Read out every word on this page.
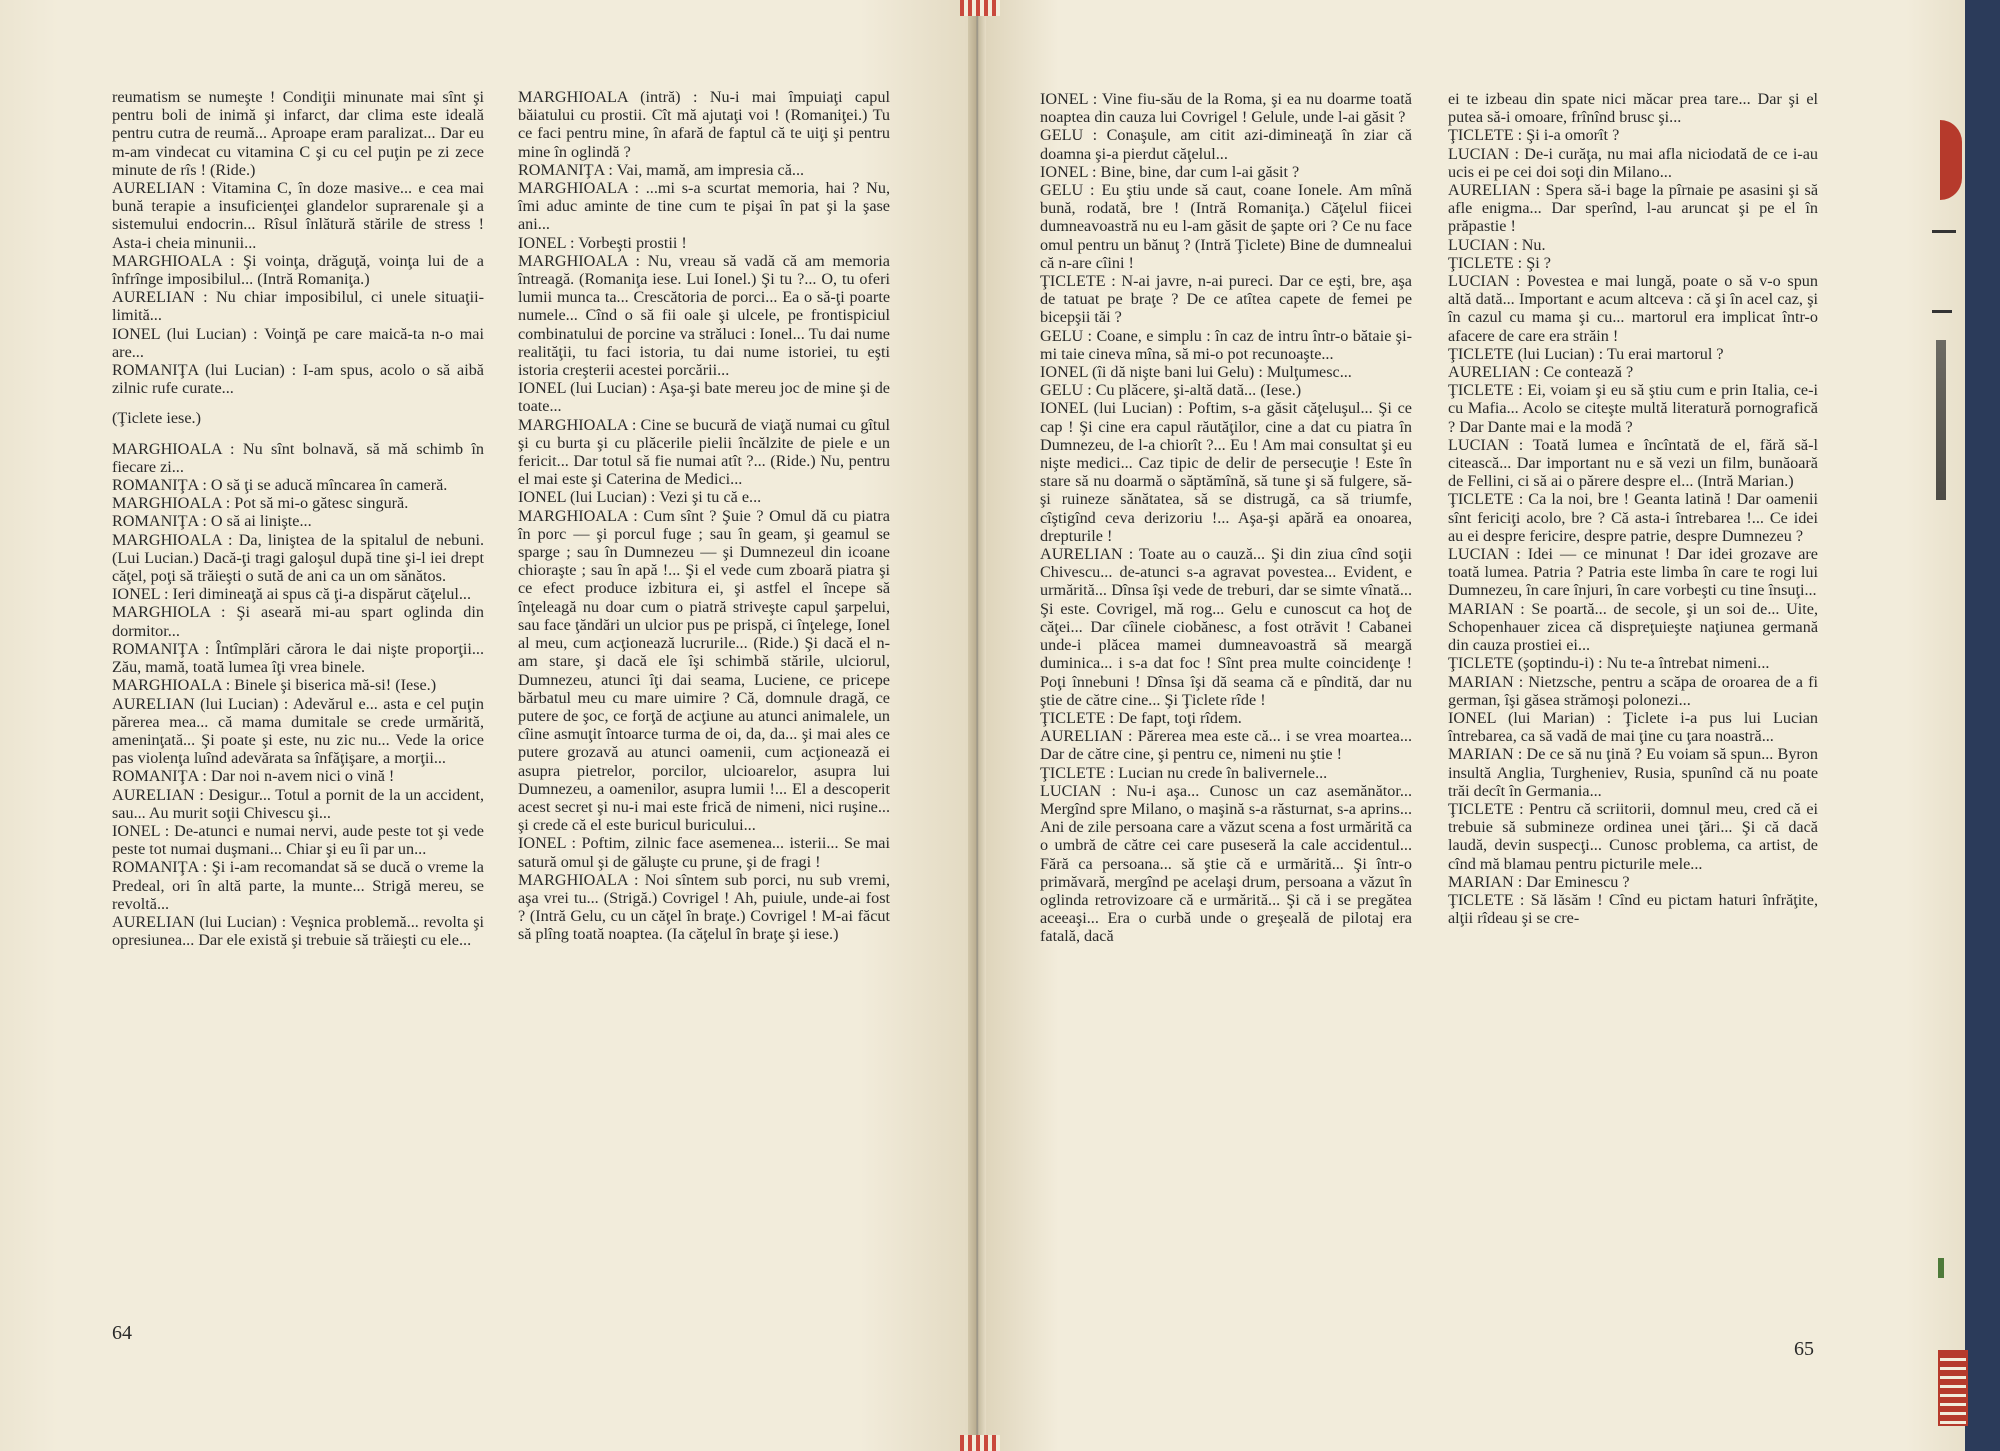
reumatism se numeşte ! Condiţii minunate mai sînt şi pentru boli de inimă şi infarct, dar clima este ideală pentru cutra de reumă... Aproape eram paralizat... Dar eu m-am vindecat cu vitamina C şi cu cel puţin pe zi zece minute de rîs ! (Ride.)

AURELIAN : Vitamina C, în doze masive... e cea mai bună terapie a insuficienţei glandelor suprarenale şi a sistemului endocrin... Rîsul înlătură stările de stress ! Asta-i cheia minunii...

MARGHIOALA : Şi voinţa, drăguţă, voinţa lui de a înfrînge imposibilul... (Intră Romaniţa.)

AURELIAN : Nu chiar imposibilul, ci unele situaţii-limită...

IONEL (lui Lucian) : Voinţă pe care maică-ta n-o mai are...

ROMANIŢA (lui Lucian) : I-am spus, acolo o să aibă zilnic rufe curate...

(Ţiclete iese.)

MARGHIOALA : Nu sînt bolnavă, să mă schimb în fiecare zi...

ROMANIŢA : O să ţi se aducă mîncarea în cameră.

MARGHIOALA : Pot să mi-o gătesc singură.

ROMANIŢA : O să ai linişte...

MARGHIOALA : Da, liniştea de la spitalul de nebuni. (Lui Lucian.) Dacă-ţi tragi galoşul după tine şi-l iei drept căţel, poţi să trăieşti o sută de ani ca un om sănătos.

IONEL : Ieri dimineaţă ai spus că ţi-a dispărut căţelul...

MARGHIOLA : Şi aseară mi-au spart oglinda din dormitor...

ROMANIŢA : Întîmplări cărora le dai nişte proporţii... Zău, mamă, toată lumea îţi vrea binele.

MARGHIOALA : Binele şi biserica mă-si! (Iese.)

AURELIAN (lui Lucian) : Adevărul e... asta e cel puţin părerea mea... că mama dumitale se crede urmărită, ameninţată... Şi poate şi este, nu zic nu... Vede la orice pas violenţa luînd adevărata sa înfăţişare, a morţii...

ROMANIŢA : Dar noi n-avem nici o vină !

AURELIAN : Desigur... Totul a pornit de la un accident, sau... Au murit soţii Chivescu şi...

IONEL : De-atunci e numai nervi, aude peste tot şi vede peste tot numai duşmani... Chiar şi eu îi par un...

ROMANIŢA : Şi i-am recomandat să se ducă o vreme la Predeal, ori în altă parte, la munte... Strigă mereu, se revoltă...

AURELIAN (lui Lucian) : Veşnica problemă... revolta şi opresiunea... Dar ele există şi trebuie să trăieşti cu ele...

MARGHIOALA (intră) : Nu-i mai împuiaţi capul băiatului cu prostii. Cît mă ajutaţi voi ! (Romaniţei.) Tu ce faci pentru mine, în afară de faptul că te uiţi şi pentru mine în oglindă ?

ROMANIŢA : Vai, mamă, am impresia că...

MARGHIOALA : ...mi s-a scurtat memoria, hai ? Nu, îmi aduc aminte de tine cum te pişai în pat şi la şase ani...

IONEL : Vorbeşti prostii !

MARGHIOALA : Nu, vreau să vadă că am memoria întreagă. (Romaniţa iese. Lui Ionel.) Şi tu ?... O, tu oferi lumii munca ta... Crescătoria de porci... Ea o să-ţi poarte numele... Cînd o să fii oale şi ulcele, pe frontispiciul combinatului de porcine va străluci : Ionel... Tu dai nume realităţii, tu faci istoria, tu dai nume istoriei, tu eşti istoria creşterii acestei porcării...

IONEL (lui Lucian) : Aşa-şi bate mereu joc de mine şi de toate...

MARGHIOALA : Cine se bucură de viaţă numai cu gîtul şi cu burta şi cu plăcerile pielii încălzite de piele e un fericit... Dar totul să fie numai atît ?... (Ride.) Nu, pentru el mai este şi Caterina de Medici...

IONEL (lui Lucian) : Vezi şi tu că e...

MARGHIOALA : Cum sînt ? Şuie ? Omul dă cu piatra în porc — şi porcul fuge ; sau în geam, şi geamul se sparge ; sau în Dumnezeu — şi Dumnezeul din icoane chioraşte ; sau în apă !... Şi el vede cum zboară piatra şi ce efect produce izbitura ei, şi astfel el începe să înţeleagă nu doar cum o piatră striveşte capul şarpelui, sau face ţăndări un ulcior pus pe prispă, ci înţelege, Ionel al meu, cum acţionează lucrurile... (Ride.) Şi dacă el n-am stare, şi dacă ele îşi schimbă stările, ulciorul, Dumnezeu, atunci îţi dai seama, Luciene, ce pricepe bărbatul meu cu mare uimire ? Că, domnule dragă, ce putere de şoc, ce forţă de acţiune au atunci animalele, un cîine asmuţit întoarce turma de oi, da, da... şi mai ales ce putere grozavă au atunci oamenii, cum acţionează ei asupra pietrelor, porcilor, ulcioarelor, asupra lui Dumnezeu, a oamenilor, asupra lumii !... El a descoperit acest secret şi nu-i mai este frică de nimeni, nici ruşine... şi crede că el este buricul buricului...

IONEL : Poftim, zilnic face asemenea... isterii... Se mai satură omul şi de găluşte cu prune, şi de fragi !

MARGHIOALA : Noi sîntem sub porci, nu sub vremi, aşa vrei tu... (Strigă.) Covrigel ! Ah, puiule, unde-ai fost ? (Intră Gelu, cu un căţel în braţe.) Covrigel ! M-ai făcut să plîng toată noaptea. (Ia căţelul în braţe şi iese.)

64

IONEL : Vine fiu-său de la Roma, şi ea nu doarme toată noaptea din cauza lui Covrigel ! Gelule, unde l-ai găsit ?

GELU : Conaşule, am citit azi-dimineaţă în ziar că doamna şi-a pierdut căţelul...

IONEL : Bine, bine, dar cum l-ai găsit ?

GELU : Eu ştiu unde să caut, coane Ionele. Am mînă bună, rodată, bre ! (Intră Romaniţa.) Căţelul fiicei dumneavoastră nu eu l-am găsit de şapte ori ? Ce nu face omul pentru un bănuţ ? (Intră Ţiclete) Bine de dumnealui că n-are cîini !

ŢICLETE : N-ai javre, n-ai pureci. Dar ce eşti, bre, aşa de tatuat pe braţe ? De ce atîtea capete de femei pe bicepşii tăi ?

GELU : Coane, e simplu : în caz de intru într-o bătaie şi-mi taie cineva mîna, să mi-o pot recunoaşte...

IONEL (îi dă nişte bani lui Gelu) : Mulţumesc...

GELU : Cu plăcere, şi-altă dată... (Iese.)

IONEL (lui Lucian) : Poftim, s-a găsit căţeluşul... Şi ce cap ! Şi cine era capul răutăţilor, cine a dat cu piatra în Dumnezeu, de l-a chiorît ?... Eu ! Am mai consultat şi eu nişte medici... Caz tipic de delir de persecuţie ! Este în stare să nu doarmă o săptămînă, să tune şi să fulgere, să-şi ruineze sănătatea, să se distrugă, ca să triumfe, cîştigînd ceva derizoriu !... Aşa-şi apără ea onoarea, drepturile !

AURELIAN : Toate au o cauză... Şi din ziua cînd soţii Chivescu... de-atunci s-a agravat povestea... Evident, e urmărită... Dînsa îşi vede de treburi, dar se simte vînată... Şi este. Covrigel, mă rog... Gelu e cunoscut ca hoţ de căţei... Dar cîinele ciobănesc, a fost otrăvit ! Cabanei unde-i plăcea mamei dumneavoastră să meargă duminica... i s-a dat foc ! Sînt prea multe coincidenţe ! Poţi înnebuni ! Dînsa îşi dă seama că e pîndită, dar nu ştie de către cine... Şi Ţiclete rîde !

ŢICLETE : De fapt, toţi rîdem.

AURELIAN : Părerea mea este că... i se vrea moartea... Dar de către cine, şi pentru ce, nimeni nu ştie !

ŢICLETE : Lucian nu crede în balivernele...

LUCIAN : Nu-i aşa... Cunosc un caz asemănător... Mergînd spre Milano, o maşină s-a răsturnat, s-a aprins... Ani de zile persoana care a văzut scena a fost urmărită ca o umbră de către cei care puseseră la cale accidentul... Fără ca persoana... să ştie că e urmărită... Şi într-o primăvară, mergînd pe acelaşi drum, persoana a văzut în oglinda retrovizoare că e urmărită... Şi că i se pregătea aceeaşi... Era o curbă unde o greşeală de pilotaj era fatală, dacă

ei te izbeau din spate nici măcar prea tare... Dar şi el putea să-i omoare, frînînd brusc şi...

ŢICLETE : Şi i-a omorît ?

LUCIAN : De-i curăţa, nu mai afla niciodată de ce i-au ucis ei pe cei doi soţi din Milano...

AURELIAN : Spera să-i bage la pîrnaie pe asasini şi să afle enigma... Dar sperînd, l-au aruncat şi pe el în prăpastie !

LUCIAN : Nu.

ŢICLETE : Şi ?

LUCIAN : Povestea e mai lungă, poate o să v-o spun altă dată... Important e acum altceva : că şi în acel caz, şi în cazul cu mama şi cu... martorul era implicat într-o afacere de care era străin !

ŢICLETE (lui Lucian) : Tu erai martorul ?

AURELIAN : Ce contează ?

ŢICLETE : Ei, voiam şi eu să ştiu cum e prin Italia, ce-i cu Mafia... Acolo se citeşte multă literatură pornografică ? Dar Dante mai e la modă ?

LUCIAN : Toată lumea e încîntată de el, fără să-l citească... Dar important nu e să vezi un film, bunăoară de Fellini, ci să ai o părere despre el... (Intră Marian.)

ŢICLETE : Ca la noi, bre ! Geanta latină ! Dar oamenii sînt fericiţi acolo, bre ? Că asta-i întrebarea !... Ce idei au ei despre fericire, despre patrie, despre Dumnezeu ?

LUCIAN : Idei — ce minunat ! Dar idei grozave are toată lumea. Patria ? Patria este limba în care te rogi lui Dumnezeu, în care înjuri, în care vorbeşti cu tine însuţi...

MARIAN : Se poartă... de secole, şi un soi de... Uite, Schopenhauer zicea că dispreţuieşte naţiunea germană din cauza prostiei ei...

ŢICLETE (şoptindu-i) : Nu te-a întrebat nimeni...

MARIAN : Nietzsche, pentru a scăpa de oroarea de a fi german, îşi găsea strămoşi polonezi...

IONEL (lui Marian) : Ţiclete i-a pus lui Lucian întrebarea, ca să vadă de mai ţine cu ţara noastră...

MARIAN : De ce să nu ţină ? Eu voiam să spun... Byron insultă Anglia, Turgheniev, Rusia, spunînd că nu poate trăi decît în Germania...

ŢICLETE : Pentru că scriitorii, domnul meu, cred că ei trebuie să submineze ordinea unei ţări... Şi că dacă laudă, devin suspecţi... Cunosc problema, ca artist, de cînd mă blamau pentru picturile mele...

MARIAN : Dar Eminescu ?

ŢICLETE : Să lăsăm ! Cînd eu pictam haturi înfrăţite, alţii rîdeau şi se cre-

65
